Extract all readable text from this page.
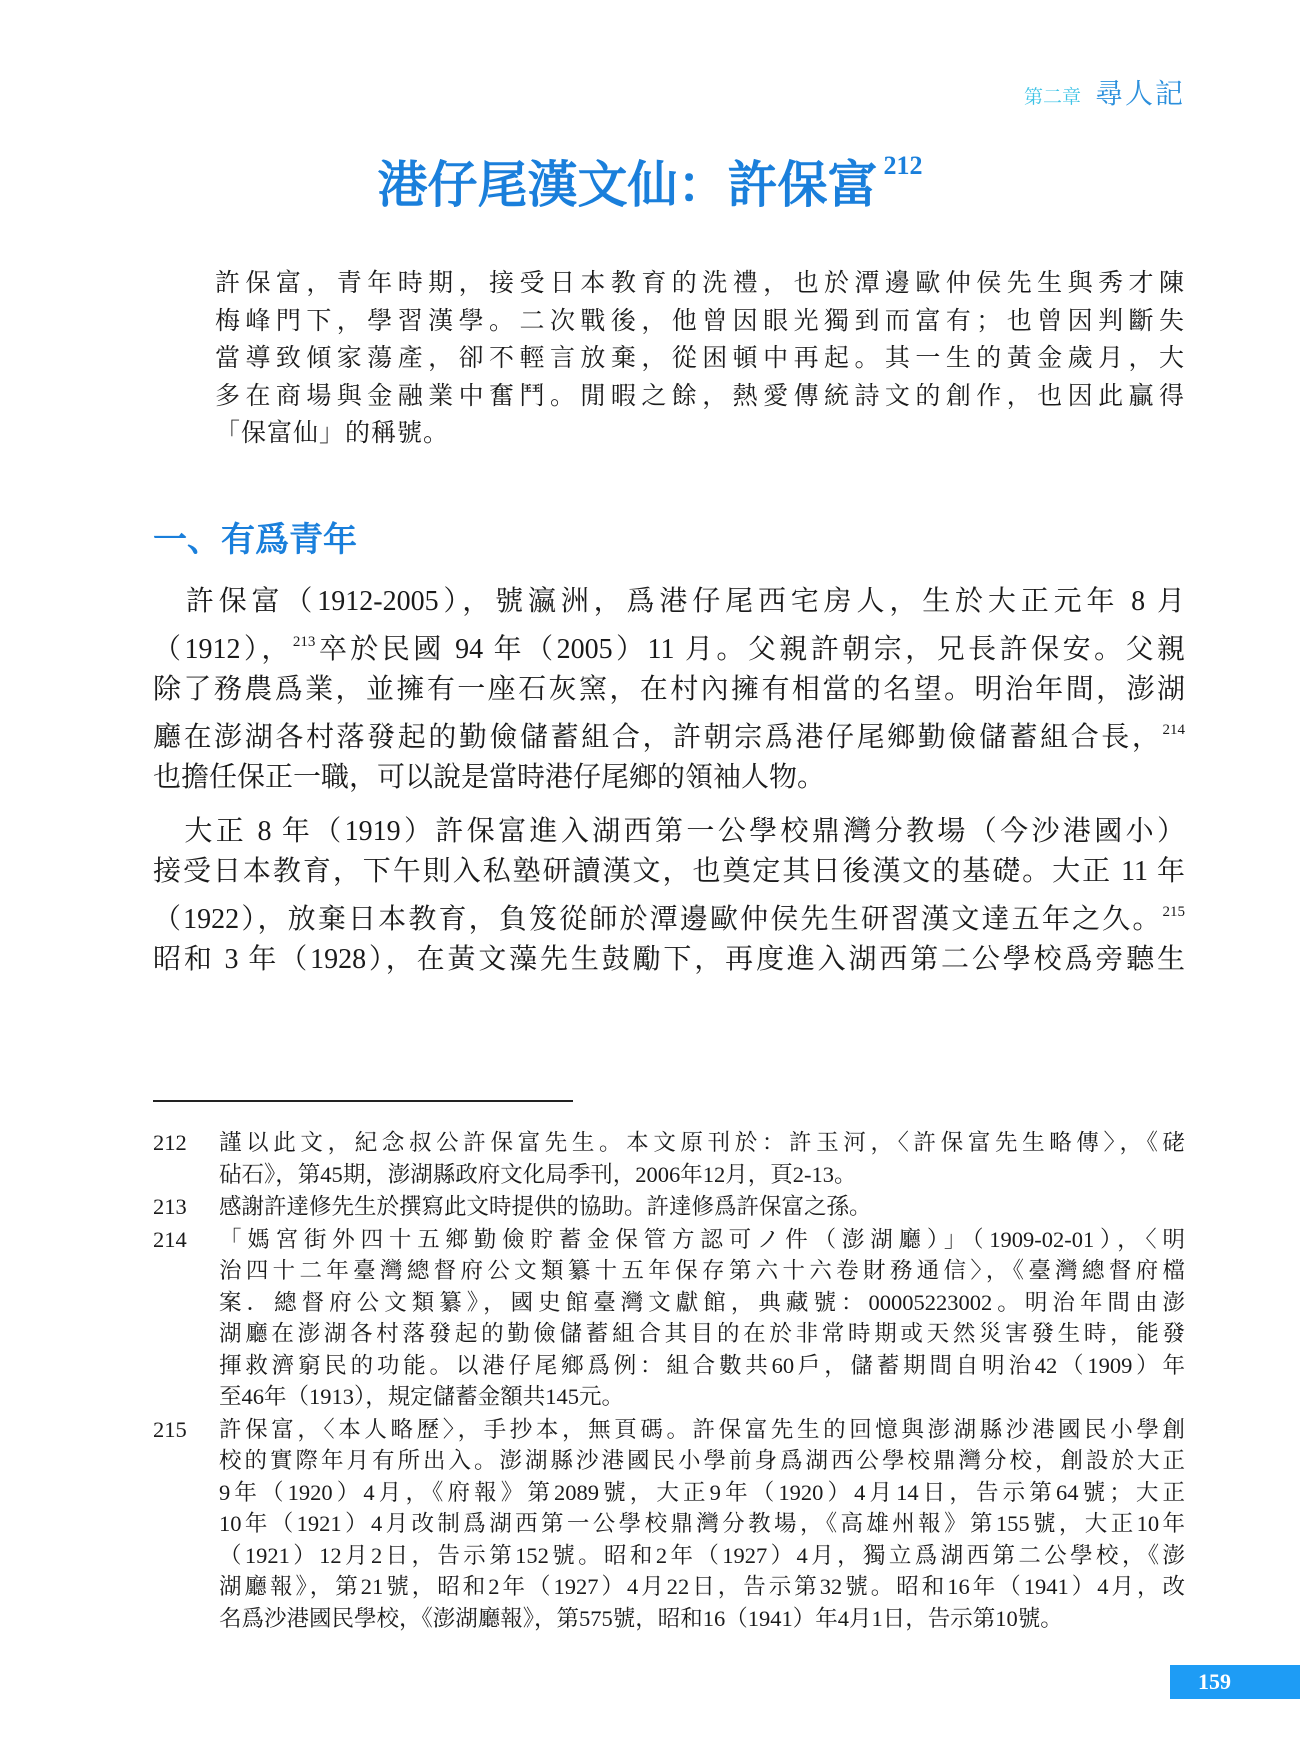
第二章 尋人記
港仔尾漢文仙：許保富 $^{212}$
許保富，青年時期，接受日本教育的洗禮，也於潭邊歐仲侯先生與秀才陳
梅峰門下，學習漢學。二次戰後，他曾因眼光獨到而富有；也曾因判斷失
當導致傾家蕩產，卻不輕言放棄，從困頓中再起。其一生的黃金歲月，大
多在商場與金融業中奮鬥。閒暇之餘，熱愛傳統詩文的創作，也因此贏得
「保富仙」的稱號。
一、有爲青年
　許保富（1912-2005），號瀛洲，爲港仔尾西宅房人，生於大正元年 8 月
（1912），$^{213}$卒於民國 94 年（2005）11 月。父親許朝宗，兄長許保安。父親
除了務農爲業，並擁有一座石灰窯，在村內擁有相當的名望。明治年間，澎湖
廳在澎湖各村落發起的勤儉儲蓄組合，許朝宗爲港仔尾鄉勤儉儲蓄組合長，$^{214}$
也擔任保正一職，可以說是當時港仔尾鄉的領袖人物。
　大正 8 年（1919）許保富進入湖西第一公學校鼎灣分教場（今沙港國小）
接受日本教育，下午則入私塾研讀漢文，也奠定其日後漢文的基礎。大正 11 年
（1922），放棄日本教育，負笈從師於潭邊歐仲侯先生研習漢文達五年之久。$^{215}$
昭和 3 年（1928），在黃文藻先生鼓勵下，再度進入湖西第二公學校爲旁聽生
212	謹以此文，紀念叔公許保富先生。本文原刊於：許玉河，〈許保富先生略傳〉，《硓
砧石》，第45期，澎湖縣政府文化局季刊，2006年12月，頁2-13。
213	感謝許達修先生於撰寫此文時提供的協助。許達修爲許保富之孫。
214	「媽宮街外四十五鄉勤儉貯蓄金保管方認可ノ件（澎湖廳）」（1909-02-01），〈明
治四十二年臺灣總督府公文類纂十五年保存第六十六卷財務通信〉，《臺灣總督府檔
案．總督府公文類纂》，國史館臺灣文獻館，典藏號：00005223002。明治年間由澎
湖廳在澎湖各村落發起的勤儉儲蓄組合其目的在於非常時期或天然災害發生時，能發
揮救濟窮民的功能。以港仔尾鄉爲例：組合數共60戶，儲蓄期間自明治42（1909）年
至46年（1913），規定儲蓄金額共145元。
215	許保富，〈本人略歷〉，手抄本，無頁碼。許保富先生的回憶與澎湖縣沙港國民小學創
校的實際年月有所出入。澎湖縣沙港國民小學前身爲湖西公學校鼎灣分校，創設於大正
9年（1920）4月，《府報》第2089號，大正9年（1920）4月14日，告示第64號；大正
10年（1921）4月改制爲湖西第一公學校鼎灣分教場，《高雄州報》第155號，大正10年
（1921）12月2日，告示第152號。昭和2年（1927）4月，獨立爲湖西第二公學校，《澎
湖廳報》，第21號，昭和2年（1927）4月22日，告示第32號。昭和16年（1941）4月，改
名爲沙港國民學校，《澎湖廳報》，第575號，昭和16（1941）年4月1日，告示第10號。
159
